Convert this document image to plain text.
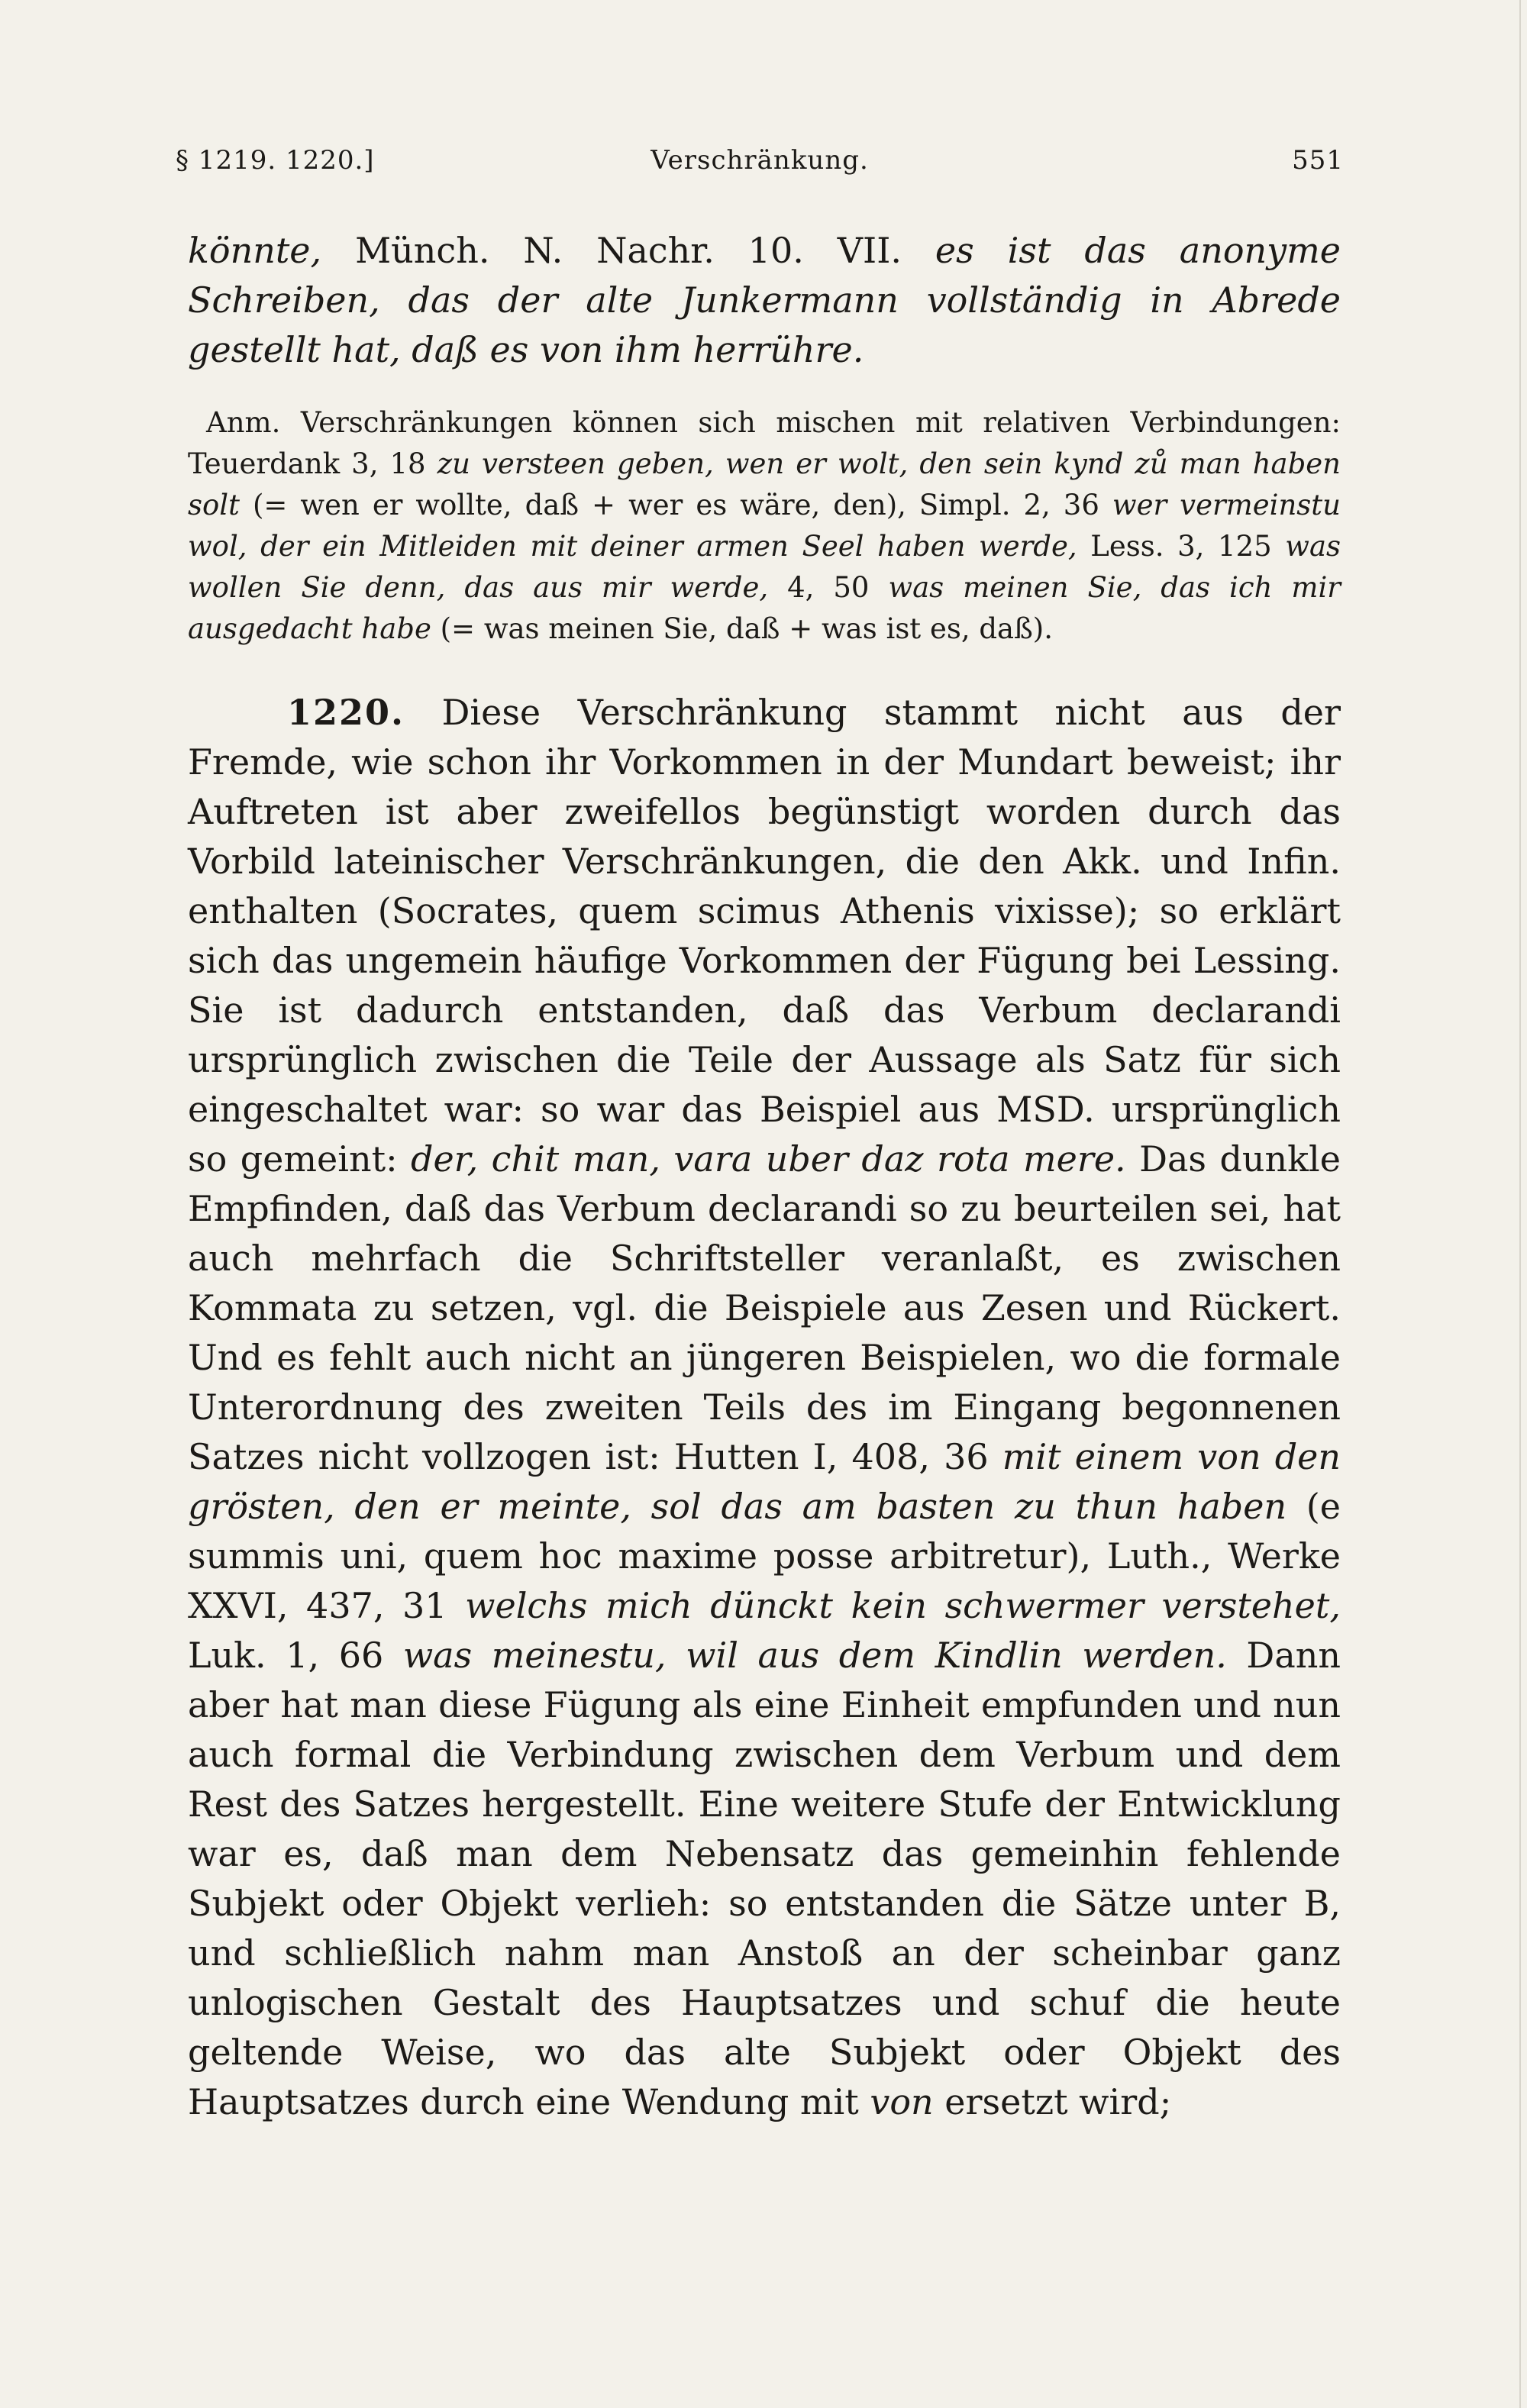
§ 1219. 1220.]	Verschränkung.	551

könnte, Münch. N. Nachr. 10. VII. es ist das anonyme Schreiben, das der alte Junkermann vollständig in Abrede gestellt hat, daß es von ihm herrühre.

Anm. Verschränkungen können sich mischen mit relativen Verbindungen: Teuerdank 3, 18 zu versteen geben, wen er wolt, den sein kynd zů man haben solt (= wen er wollte, daß + wer es wäre, den), Simpl. 2, 36 wer vermeinstu wol, der ein Mitleiden mit deiner armen Seel haben werde, Less. 3, 125 was wollen Sie denn, das aus mir werde, 4, 50 was meinen Sie, das ich mir ausgedacht habe (= was meinen Sie, daß + was ist es, daß).

1220. Diese Verschränkung stammt nicht aus der Fremde, wie schon ihr Vorkommen in der Mundart beweist; ihr Auftreten ist aber zweifellos begünstigt worden durch das Vorbild lateinischer Verschränkungen, die den Akk. und Infin. enthalten (Socrates, quem scimus Athenis vixisse); so erklärt sich das ungemein häufige Vorkommen der Fügung bei Lessing. Sie ist dadurch entstanden, daß das Verbum declarandi ursprünglich zwischen die Teile der Aussage als Satz für sich eingeschaltet war: so war das Beispiel aus MSD. ursprünglich so gemeint: der, chit man, vara uber daz rota mere. Das dunkle Empfinden, daß das Verbum declarandi so zu beurteilen sei, hat auch mehrfach die Schriftsteller veranlaßt, es zwischen Kommata zu setzen, vgl. die Beispiele aus Zesen und Rückert. Und es fehlt auch nicht an jüngeren Beispielen, wo die formale Unterordnung des zweiten Teils des im Eingang begonnenen Satzes nicht vollzogen ist: Hutten I, 408, 36 mit einem von den grösten, den er meinte, sol das am basten zu thun haben (e summis uni, quem hoc maxime posse arbitretur), Luth., Werke XXVI, 437, 31 welchs mich dünckt kein schwermer verstehet, Luk. 1, 66 was meinestu, wil aus dem Kindlin werden. Dann aber hat man diese Fügung als eine Einheit empfunden und nun auch formal die Verbindung zwischen dem Verbum und dem Rest des Satzes hergestellt. Eine weitere Stufe der Entwicklung war es, daß man dem Nebensatz das gemeinhin fehlende Subjekt oder Objekt verlieh: so entstanden die Sätze unter B, und schließlich nahm man Anstoß an der scheinbar ganz unlogischen Gestalt des Hauptsatzes und schuf die heute geltende Weise, wo das alte Subjekt oder Objekt des Hauptsatzes durch eine Wendung mit von ersetzt wird;
